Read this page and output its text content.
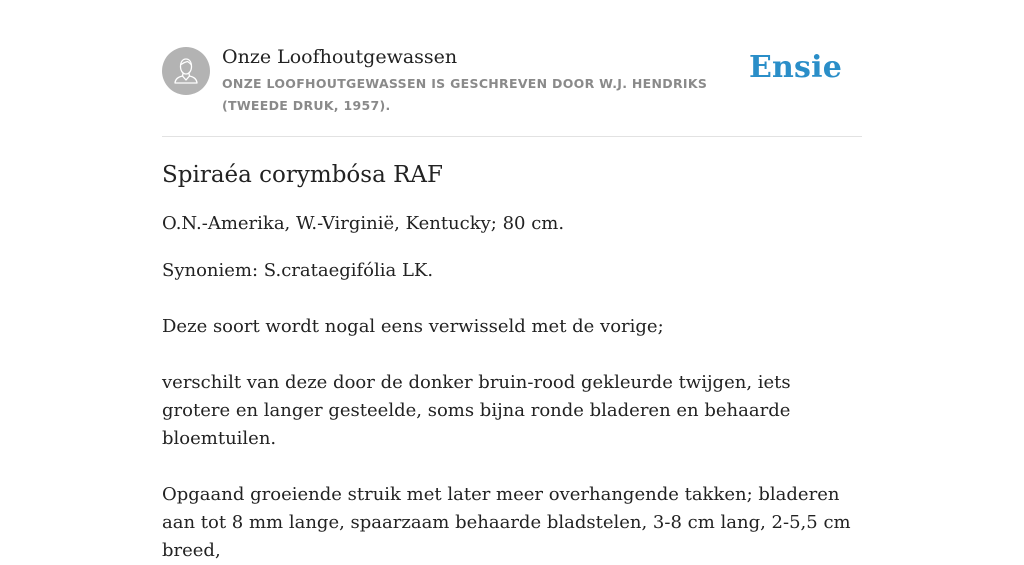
Onze Loofhoutgewassen
ONZE LOOFHOUTGEWASSEN IS GESCHREVEN DOOR W.J. HENDRIKS (TWEEDE DRUK, 1957).
Ensie
Spiraéa corymbósa RAF

O.N.-Amerika, W.-Virginië, Kentucky; 80 cm.

Synoniem: S.crataegifólia LK.

Deze soort wordt nogal eens verwisseld met de vorige;

verschilt van deze door de donker bruin-rood gekleurde twijgen, iets grotere en langer gesteelde, soms bijna ronde bladeren en behaarde bloemtuilen.

Opgaand groeiende struik met later meer overhangende takken; bladeren aan tot 8 mm lange, spaarzaam behaarde bladstelen, 3-8 cm lang, 2-5,5 cm breed,
